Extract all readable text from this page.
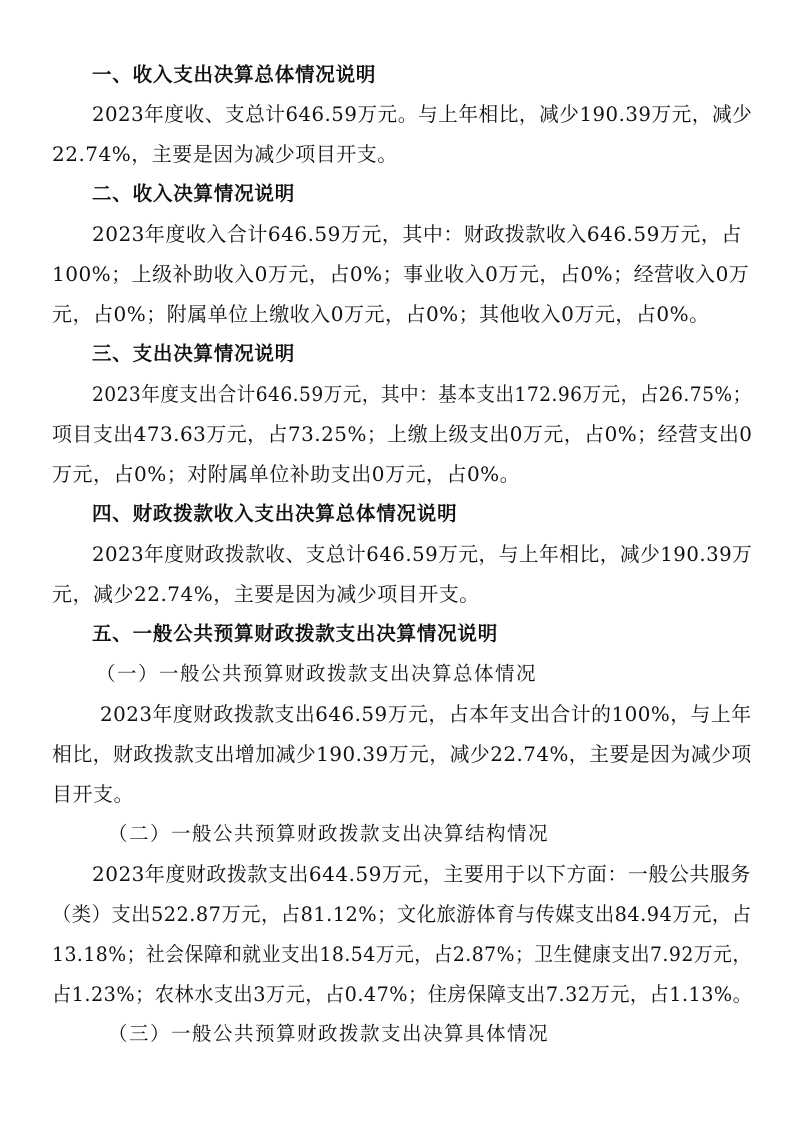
一、收入支出决算总体情况说明
2023年度收、支总计646.59万元。与上年相比，减少190.39万元，减少
22.74%，主要是因为减少项目开支。
二、收入决算情况说明
2023年度收入合计646.59万元，其中：财政拨款收入646.59万元，占
100%；上级补助收入0万元，占0%；事业收入0万元，占0%；经营收入0万
元，占0%；附属单位上缴收入0万元，占0%；其他收入0万元，占0%。
三、支出决算情况说明
2023年度支出合计646.59万元，其中：基本支出172.96万元，占26.75%；
项目支出473.63万元，占73.25%；上缴上级支出0万元，占0%；经营支出0
万元，占0%；对附属单位补助支出0万元，占0%。
四、财政拨款收入支出决算总体情况说明
2023年度财政拨款收、支总计646.59万元，与上年相比，减少190.39万
元，减少22.74%，主要是因为减少项目开支。
五、一般公共预算财政拨款支出决算情况说明
（一）一般公共预算财政拨款支出决算总体情况
2023年度财政拨款支出646.59万元，占本年支出合计的100%，与上年
相比，财政拨款支出增加减少190.39万元，减少22.74%，主要是因为减少项
目开支。
（二）一般公共预算财政拨款支出决算结构情况
2023年度财政拨款支出644.59万元，主要用于以下方面：一般公共服务
（类）支出522.87万元，占81.12%；文化旅游体育与传媒支出84.94万元，占
13.18%；社会保障和就业支出18.54万元，占2.87%；卫生健康支出7.92万元，
占1.23%；农林水支出3万元，占0.47%；住房保障支出7.32万元，占1.13%。
（三）一般公共预算财政拨款支出决算具体情况
